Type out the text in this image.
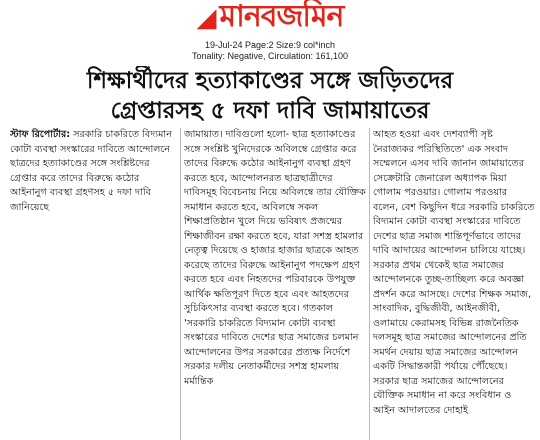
◢ মানবজমিন
19-Jul-24 Page:2 Size:9 col*inch
Tonality: Negative, Circulation: 161,100
শিক্ষার্থীদের হত্যাকাণ্ডের সঙ্গে জড়িতদের
গ্রেপ্তারসহ ৫ দফা দাবি জামায়াতের

স্টাফ রিপোর্টার: সরকারি চাকরিতে বিদ্যমান কোটা ব্যবস্থা সংস্কারের দাবিতে আন্দোলনে ছাত্রদের হত্যাকাণ্ডের সঙ্গে সংশ্লিষ্টদের গ্রেপ্তার করে তাদের বিরুদ্ধে কঠোর আইনানুগ ব্যবস্থা গ্রহণসহ ৫ দফা দাবি জানিয়েছে

জামায়াত। দাবিগুলো হলো- ছাত্র হত্যাকাণ্ডের সঙ্গে সংশ্লিষ্ট খুনিদেরকে অবিলম্বে গ্রেপ্তার করে তাদের বিরুদ্ধে কঠোর আইনানুগ ব্যবস্থা গ্রহণ করতে হবে, আন্দোলনরত ছাত্রছাত্রীদের দাবিসমূহ বিবেচনায় নিয়ে অবিলম্বে তার যৌক্তিক সমাধান করতে হবে, অবিলম্বে সকল শিক্ষাপ্রতিষ্ঠান খুলে দিয়ে ভবিষ্যৎ প্রজন্মের শিক্ষাজীবন রক্ষা করতে হবে, যারা সশস্ত্র হামলার নেতৃত্ব দিয়েছে ও হাজার হাজার ছাত্রকে আহত করেছে তাদের বিরুদ্ধে আইনানুগ পদক্ষেপ গ্রহণ করতে হবে এবং নিহতদের পরিবারকে উপযুক্ত আর্থিক ক্ষতিপূরণ দিতে হবে এবং আহতদের সুচিকিৎসার ব্যবস্থা করতে হবে। গতকাল 'সরকারি চাকরিতে বিদ্যমান কোটা ব্যবস্থা সংস্কারের দাবিতে দেশের ছাত্র সমাজের চলমান আন্দোলনের উপর সরকারের প্রত্যক্ষ নির্দেশে সরকার দলীয় নেতাকর্মীদের সশস্ত্র হামলায় মর্মান্তিক

আহত হওয়া এবং দেশব্যাপী সৃষ্ট নৈরাজ্যকর পরিস্থিতিতে' এক সংবাদ সম্মেলনে এসব দাবি জানান জামায়াতের সেক্রেটারি জেনারেল অধ্যাপক মিয়া গোলাম পরওয়ার। গোলাম পরওয়ার বলেন, বেশ কিছুদিন ধরে সরকারি চাকরিতে বিদ্যমান কোটা ব্যবস্থা সংস্কারের দাবিতে দেশের ছাত্র সমাজ শান্তিপূর্ণভাবে তাদের দাবি আদায়ের আন্দোলন চালিয়ে যাচ্ছে। সরকার প্রথম থেকেই ছাত্র সমাজের আন্দোলনকে তুচ্ছ-তাচ্ছিল্য করে অবজ্ঞা প্রদর্শন করে আসছে। দেশের শিক্ষক সমাজ, সাংবাদিক, বুদ্ধিজীবী, আইনজীবী, ওলামায়ে কেরামসহ বিভিন্ন রাজনৈতিক দলসমূহ ছাত্র সমাজের আন্দোলনের প্রতি সমর্থন দেয়ায় ছাত্র সমাজের আন্দোলন একটি সিদ্ধান্তকারী পর্যায়ে পৌঁছেছে। সরকার ছাত্র সমাজের আন্দোলনের যৌক্তিক সমাধান না করে সংবিধান ও আইন আদালতের দোহাই
